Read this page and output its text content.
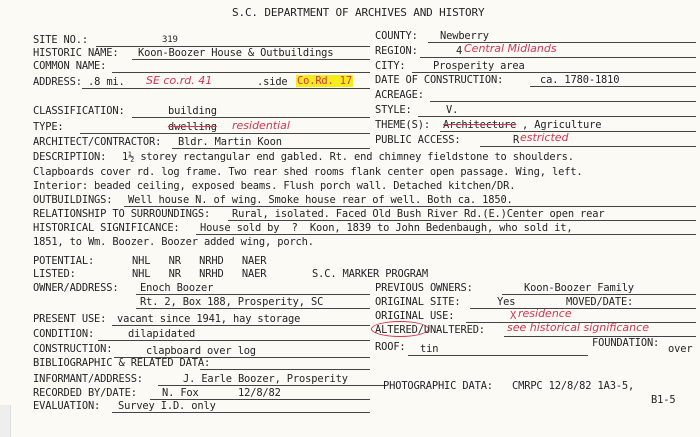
S.C. DEPARTMENT OF ARCHIVES AND HISTORY
SITE NO.:	319
HISTORIC NAME: Koon-Boozer House & Outbuildings
COMMON NAME:
ADDRESS: .8 mi. SE co.rd. 41	.side Co.Rd. 17
CLASSIFICATION:	building
TYPE:	dwelling residential
ARCHITECT/CONTRACTOR: Bldr. Martin Koon
COUNTY: Newberry
REGION:	4 Central Midlands
CITY:	Prosperity area
DATE OF CONSTRUCTION:	ca. 1780-1810
ACREAGE:
STYLE:	V.
THEME(S): Architecture , Agriculture
PUBLIC ACCESS:	R estricted
DESCRIPTION: 1½ storey rectangular end gabled. Rt. end chimney fieldstone to shoulders.
Clapboards cover rd. log frame. Two rear shed rooms flank center open passage. Wing, left.
Interior: beaded ceiling, exposed beams. Flush porch wall. Detached kitchen/DR.
OUTBUILDINGS: Well house N. of wing. Smoke house rear of well. Both ca. 1850.
RELATIONSHIP TO SURROUNDINGS: Rural, isolated. Faced Old Bush River Rd.(E.)Center open rear
HISTORICAL SIGNIFICANCE: House sold by  ?  Koon, 1839 to John Bedenbaugh, who sold it,
1851, to Wm. Boozer. Boozer added wing, porch.
POTENTIAL:	NHL   NR   NRHD   NAER
LISTED:	NHL   NR   NRHD   NAER	S.C. MARKER PROGRAM
OWNER/ADDRESS: Enoch Boozer
Rt. 2, Box 188, Prosperity, SC
PREVIOUS OWNERS:	Koon-Boozer Family
ORIGINAL SITE:	Yes	MOVED/DATE:
ORIGINAL USE:	X residence
PRESENT USE: vacant since 1941, hay storage
ALTERED/UNALTERED: see historical significance
CONDITION:	dilapidated
ROOF: tin	FOUNDATION: over
CONSTRUCTION:	clapboard over log
BIBLIOGRAPHIC & RELATED DATA:
INFORMANT/ADDRESS:	J. Earle Boozer, Prosperity
RECORDED BY/DATE: N. Fox	12/8/82
PHOTOGRAPHIC DATA: CMRPC 12/8/82 1A3-5,
B1-5
EVALUATION: Survey I.D. only
